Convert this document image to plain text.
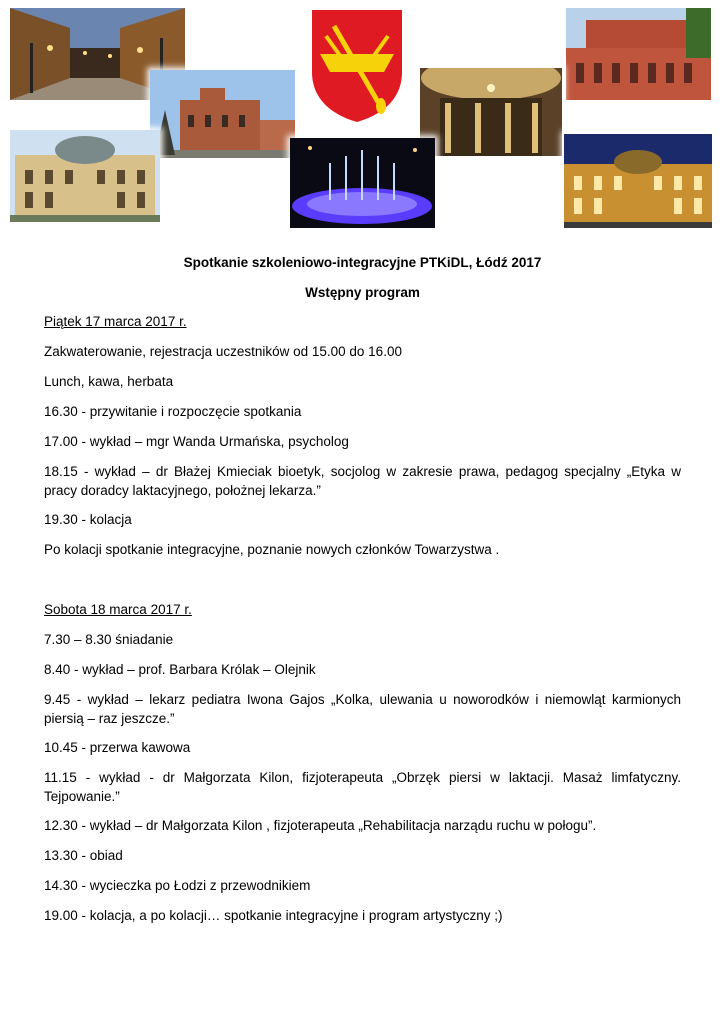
Spotkanie szkoleniowo-integracyjne PTKiDL, Łódź 2017

Wstępny program

Piątek 17 marca 2017 r.

Zakwaterowanie, rejestracja uczestników od 15.00 do 16.00

Lunch, kawa, herbata

16.30 - przywitanie i rozpoczęcie spotkania

17.00 - wykład – mgr Wanda Urmańska, psycholog

18.15 - wykład – dr Błażej Kmieciak bioetyk, socjolog w zakresie prawa, pedagog specjalny „Etyka w pracy doradcy laktacyjnego, położnej lekarza.”

19.30 - kolacja

Po kolacji spotkanie integracyjne, poznanie nowych członków Towarzystwa .

Sobota 18 marca 2017 r.

7.30 – 8.30 śniadanie

8.40 - wykład – prof. Barbara Królak – Olejnik

9.45 - wykład – lekarz pediatra Iwona Gajos „Kolka, ulewania u noworodków i niemowląt karmionych piersią – raz jeszcze.”

10.45 - przerwa kawowa

11.15 - wykład - dr Małgorzata Kilon, fizjoterapeuta „Obrzęk piersi w laktacji. Masaż limfatyczny. Tejpowanie.”

12.30 - wykład – dr Małgorzata Kilon , fizjoterapeuta „Rehabilitacja narządu ruchu w połogu”.

13.30 - obiad

14.30 - wycieczka po Łodzi z przewodnikiem

19.00 - kolacja, a po kolacji… spotkanie integracyjne i program artystyczny ;)
